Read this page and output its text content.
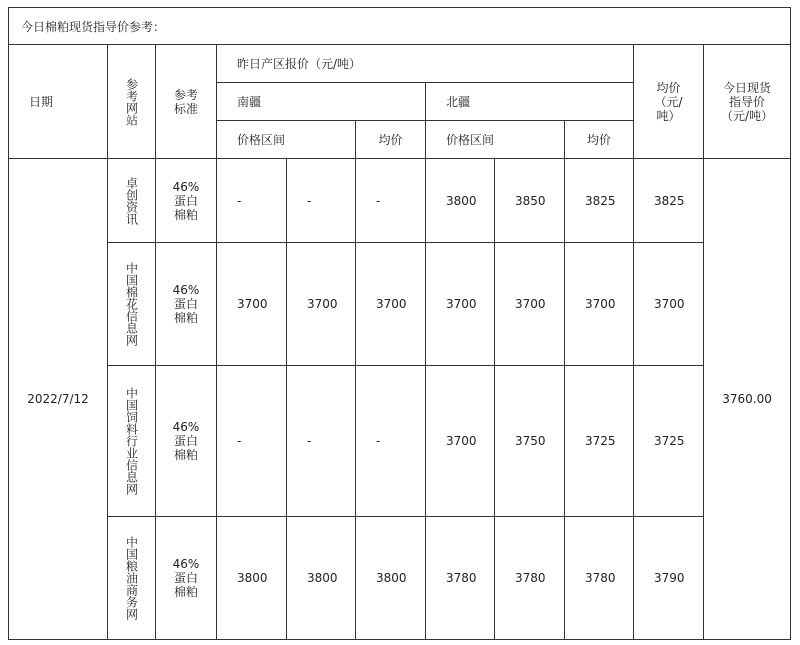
今日棉粕现货指导价参考：										
日期	参考网站	参考标准	昨日产区报价（元/吨）						均价（元/吨）	今日现货指导价（元/吨）

			南疆			北疆				
			价格区间		均价	价格区间		均价		
2022/7/12	卓创资讯	46%蛋白棉粕	-	-	-	3800	3850	3825	3825	3760.00

	中国棉花信息网	46%蛋白棉粕	3700	3700	3700	3700	3700	3700	3700	

	中国饲料行业信息网	46%蛋白棉粕	-	-	-	3700	3750	3725	3725	

	中国粮油商务网	46%蛋白棉粕	3800	3800	3800	3780	3780	3780	3790	
